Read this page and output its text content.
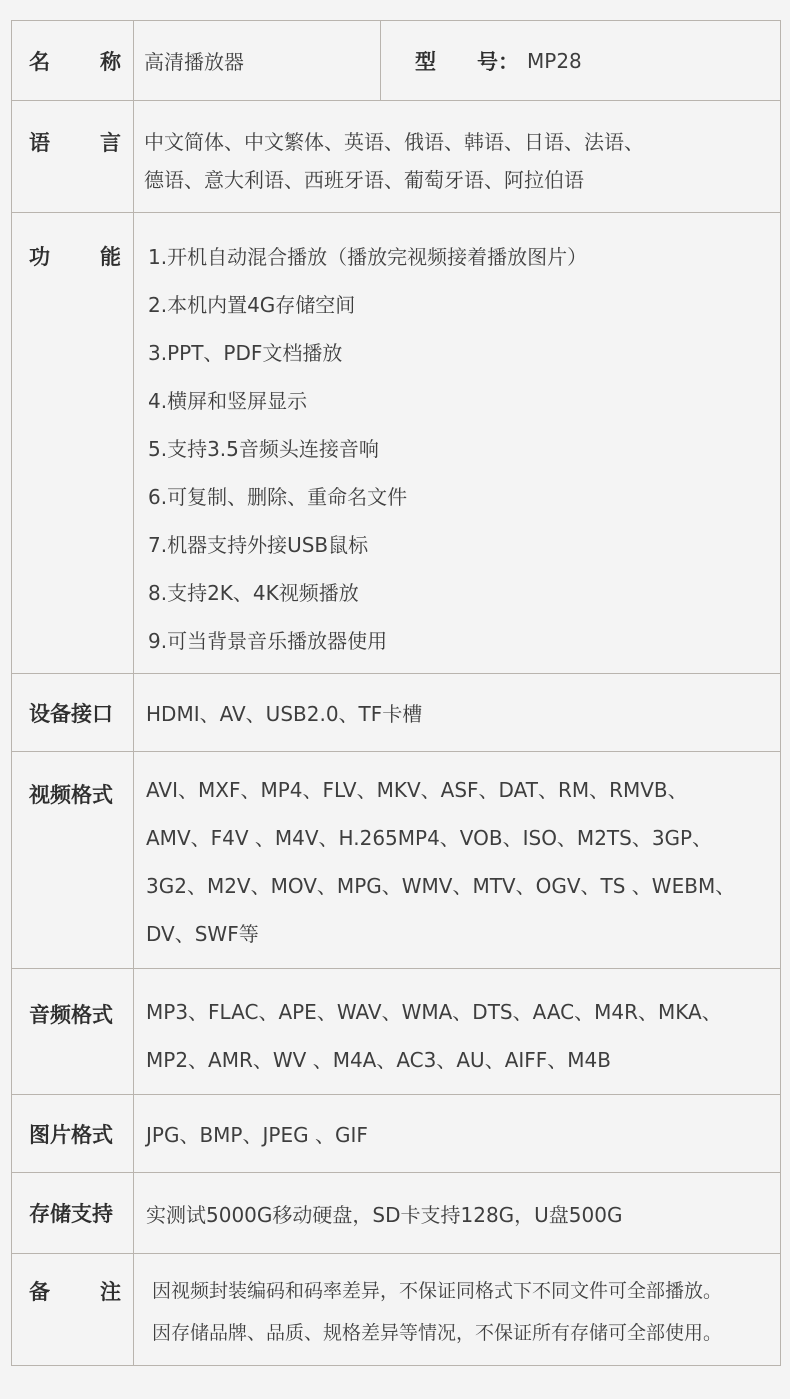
名 称	高清播放器	型 号： MP28
语 言 中文简体、中文繁体、英语、俄语、韩语、日语、法语、
德语、意大利语、西班牙语、葡萄牙语、阿拉伯语
功 能 1.开机自动混合播放（播放完视频接着播放图片）
2.本机内置4G存储空间
3.PPT、PDF文档播放
4.横屏和竖屏显示
5.支持3.5音频头连接音响
6.可复制、删除、重命名文件
7.机器支持外接USB鼠标
8.支持2K、4K视频播放
9.可当背景音乐播放器使用
设备接口	HDMI、AV、USB2.0、TF卡槽
视频格式	AVI、MXF、MP4、FLV、MKV、ASF、DAT、RM、RMVB、
AMV、F4V 、M4V、H.265MP4、VOB、ISO、M2TS、3GP、
3G2、M2V、MOV、MPG、WMV、MTV、OGV、TS 、WEBM、
DV、SWF等
音频格式	MP3、FLAC、APE、WAV、WMA、DTS、AAC、M4R、MKA、
MP2、AMR、WV 、M4A、AC3、AU、AIFF、M4B
图片格式	JPG、BMP、JPEG 、GIF
存储支持	实测试5000G移动硬盘，SD卡支持128G，U盘500G
备 注 因视频封装编码和码率差异，不保证同格式下不同文件可全部播放。
因存储品牌、品质、规格差异等情况，不保证所有存储可全部使用。
